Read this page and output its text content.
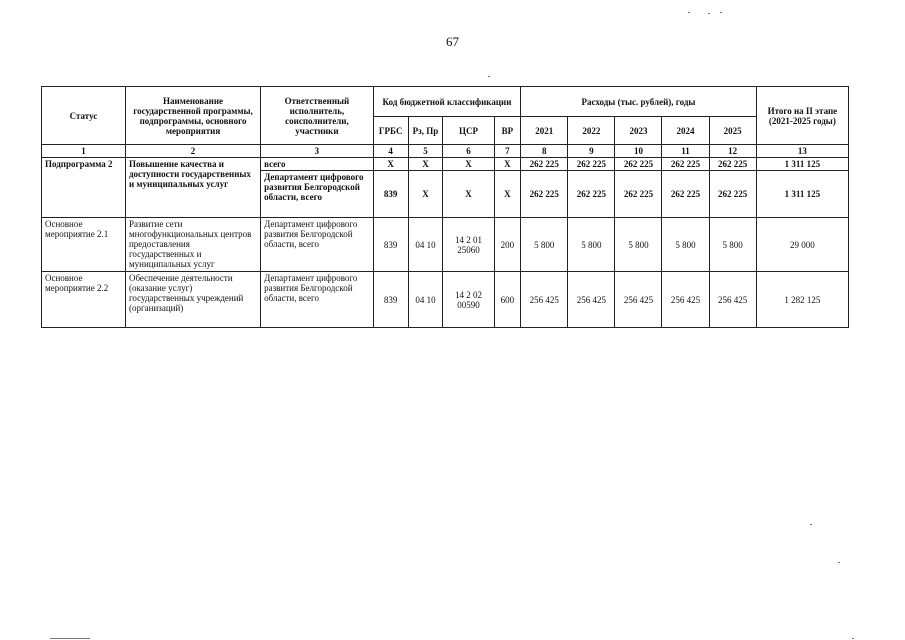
67
Статус	Наименование государственной программы, подпрограммы, основного мероприятия	Ответственный исполнитель, соисполнители, участники	Код бюджетной классификации				Расходы (тыс. рублей), годы					Итого на II этапе (2021-2025 годы)
			ГРБС	Рз, Пр	ЦСР	ВР	2021	2022	2023	2024	2025	
1	2	3	4	5	6	7	8	9	10	11	12	13
Подпрограмма 2	Повышение качества и доступности государственных и муниципальных услуг	всего	Х	Х	Х	Х	262 225	262 225	262 225	262 225	262 225	1 311 125
		Департамент цифрового развития Белгородской области, всего	839	Х	Х	Х	262 225	262 225	262 225	262 225	262 225	1 311 125
Основное мероприятие 2.1	Развитие сети многофункциональных центров предоставления государственных и муниципальных услуг	Департамент цифрового развития Белгородской области, всего	839	04 10	14 2 01 25060	200	5 800	5 800	5 800	5 800	5 800	29 000
Основное мероприятие 2.2	Обеспечение деятельности (оказание услуг) государственных учреждений (организаций)	Департамент цифрового развития Белгородской области, всего	839	04 10	14 2 02 00590	600	256 425	256 425	256 425	256 425	256 425	1 282 125
